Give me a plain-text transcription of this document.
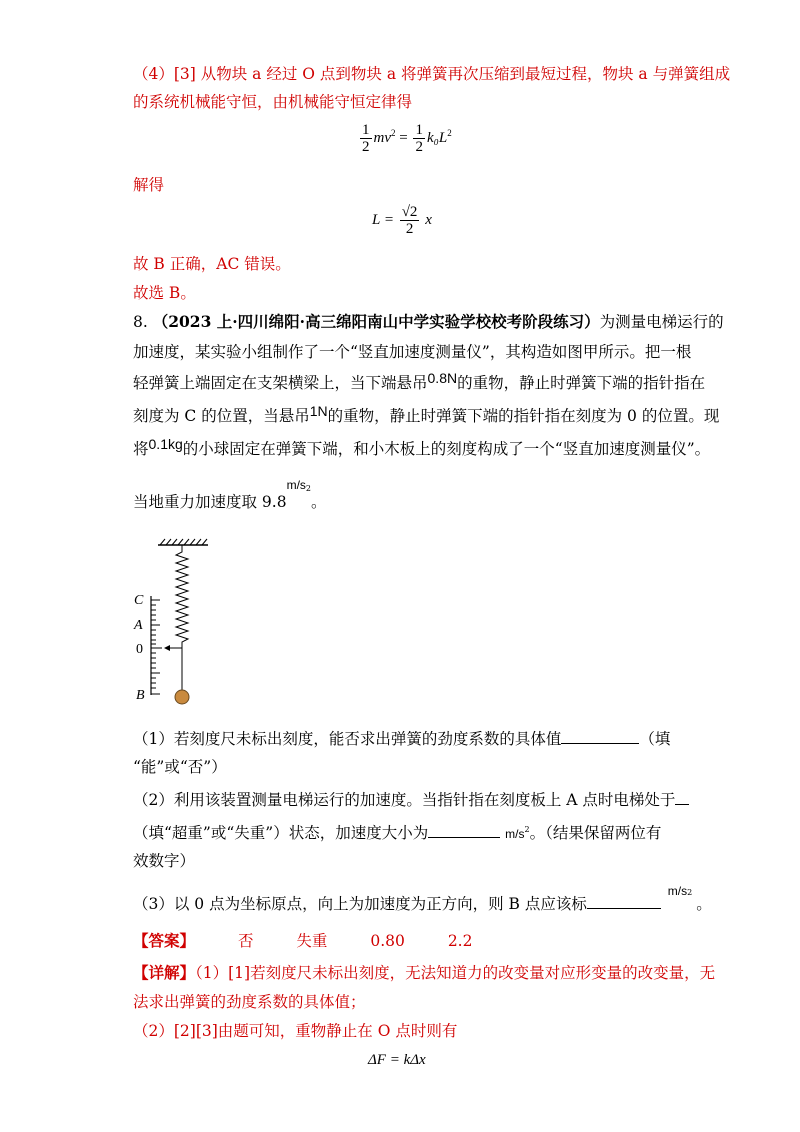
（4）[3] 从物块 a 经过 O 点到物块 a 将弹簧再次压缩到最短过程，物块 a 与弹簧组成
的系统机械能守恒，由机械能守恒定律得
$\frac{1}{2} mv^2 = \frac{1}{2} k_0L^2$
解得
$L = \frac{√2}{2}$ x
故 B 正确，AC 错误。
故选 B。
8. （2023 上·四川绵阳·高三绵阳南山中学实验学校校考阶段练习）为测量电梯运行的
加速度，某实验小组制作了一个“竖直加速度测量仪”，其构造如图甲所示。把一根
轻弹簧上端固定在支架横梁上，当下端悬吊0.8N的重物，静止时弹簧下端的指针指在
刻度为 C 的位置，当悬吊1N的重物，静止时弹簧下端的指针指在刻度为 0 的位置。现
将0.1kg的小球固定在弹簧下端，和小木板上的刻度构成了一个“竖直加速度测量仪”。
当地重力加速度取 $9.8^{m/s2}$。
C
A
0
B
（1）若刻度尺未标出刻度，能否求出弹簧的劲度系数的具体值	（填
“能”或“否”）
（2）利用该装置测量电梯运行的加速度。当指针指在刻度板上 A 点时电梯处于
（填“超重”或“失重”）状态，加速度大小为	$m/s^2$。（结果保留两位有
效数字）
（3）以 0 点为坐标原点，向上为加速度为正方向，则 B 点应该标 $^{m/s2}$。
【答案】	否	失重	0.80	2.2
【详解】（1）[1]若刻度尺未标出刻度，无法知道力的改变量对应形变量的改变量，无
法求出弹簧的劲度系数的具体值；
（2）[2][3]由题可知，重物静止在 O 点时则有
ΔF = kΔx
